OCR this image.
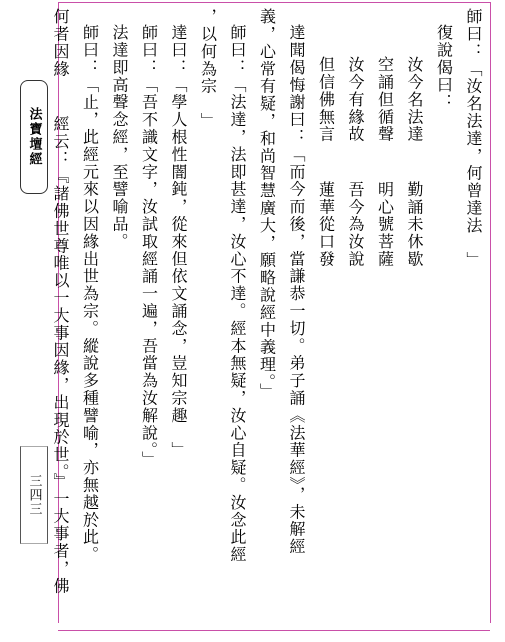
法寶壇經
三四三
師曰：「汝名法達，何曾達法　」
復說偈曰：
汝今名法達　 勤誦未休歇
空誦但循聲　 明心號菩薩
汝今有緣故　 吾今為汝說
但信佛無言　 蓮華從口發
達聞偈悔謝曰：「而今而後，當謙恭一切。弟子誦《法華經》，未解經
義，心常有疑，和尚智慧廣大，願略說經中義理。」
師曰：「法達，法即甚達，汝心不達。經本無疑，汝心自疑。汝念此經
，以何為宗　」
達曰：「學人根性闇鈍，從來但依文誦念，豈知宗趣　」
師曰：「吾不識文字，汝試取經誦一遍，吾當為汝解說。」
法達即高聲念經，至譬喻品。
師曰：「止，此經元來以因緣出世為宗。縱說多種譬喻，亦無越於此。
何者因緣　 經云：『諸佛世尊唯以一大事因緣，出現於世。』一大事者，佛
